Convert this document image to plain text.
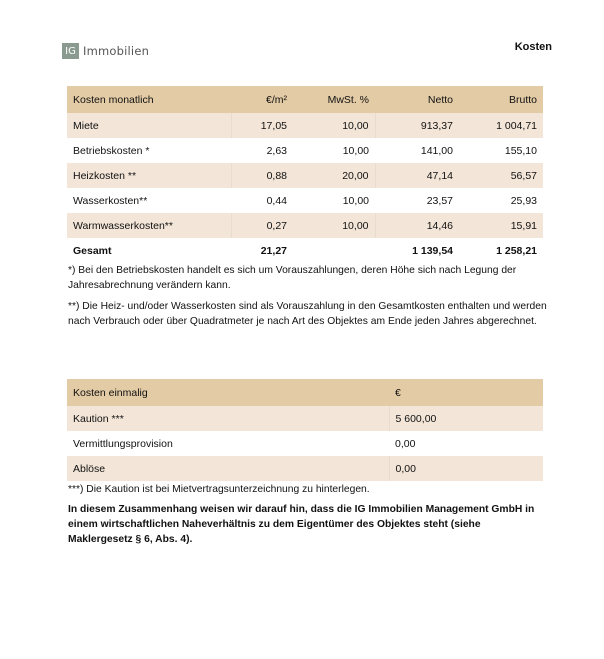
IG Immobilien	Kosten
Kosten monatlich	€/m²	MwSt. %	Netto	Brutto
Miete	17,05	10,00	913,37	1 004,71
Betriebskosten *	2,63	10,00	141,00	155,10
Heizkosten **	0,88	20,00	47,14	56,57
Wasserkosten**	0,44	10,00	23,57	25,93
Warmwasserkosten**	0,27	10,00	14,46	15,91
Gesamt	21,27		1 139,54	1 258,21

*) Bei den Betriebskosten handelt es sich um Vorauszahlungen, deren Höhe sich nach Legung der Jahresabrechnung verändern kann.

**) Die Heiz- und/oder Wasserkosten sind als Vorauszahlung in den Gesamtkosten enthalten und werden nach Verbrauch oder über Quadratmeter je nach Art des Objektes am Ende jeden Jahres abgerechnet.

Kosten einmalig	€
Kaution ***	5 600,00
Vermittlungsprovision	0,00
Ablöse	0,00

***) Die Kaution ist bei Mietvertragsunterzeichnung zu hinterlegen.

In diesem Zusammenhang weisen wir darauf hin, dass die IG Immobilien Management GmbH in einem wirtschaftlichen Naheverhältnis zu dem Eigentümer des Objektes steht (siehe Maklergesetz § 6, Abs. 4).
